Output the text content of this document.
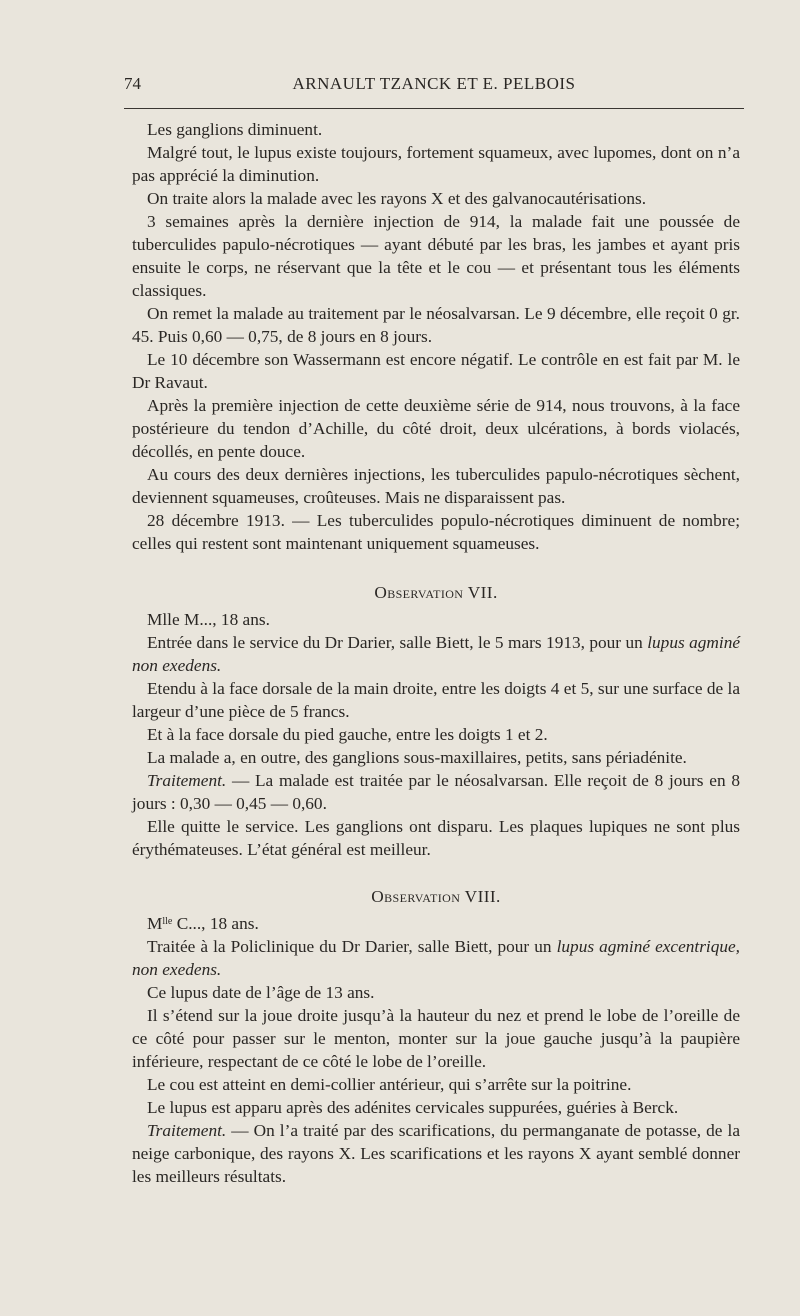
74	ARNAULT TZANCK ET E. PELBOIS

Les ganglions diminuent.

Malgré tout, le lupus existe toujours, fortement squameux, avec lupomes, dont on n’a pas apprécié la diminution.

On traite alors la malade avec les rayons X et des galvanocautérisations.

3 semaines après la dernière injection de 914, la malade fait une poussée de tuberculides papulo-nécrotiques — ayant débuté par les bras, les jambes et ayant pris ensuite le corps, ne réservant que la tête et le cou — et présentant tous les éléments classiques.

On remet la malade au traitement par le néosalvarsan. Le 9 décembre, elle reçoit 0 gr. 45. Puis 0,60 — 0,75, de 8 jours en 8 jours.

Le 10 décembre son Wassermann est encore négatif. Le contrôle en est fait par M. le Dr Ravaut.

Après la première injection de cette deuxième série de 914, nous trouvons, à la face postérieure du tendon d’Achille, du côté droit, deux ulcérations, à bords violacés, décollés, en pente douce.

Au cours des deux dernières injections, les tuberculides papulo-nécrotiques sèchent, deviennent squameuses, croûteuses. Mais ne disparaissent pas.

28 décembre 1913. — Les tuberculides populo-nécrotiques diminuent de nombre; celles qui restent sont maintenant uniquement squameuses.

Observation VII.

Mlle M..., 18 ans.

Entrée dans le service du Dr Darier, salle Biett, le 5 mars 1913, pour un lupus agminé non exedens.

Etendu à la face dorsale de la main droite, entre les doigts 4 et 5, sur une surface de la largeur d’une pièce de 5 francs.

Et à la face dorsale du pied gauche, entre les doigts 1 et 2.

La malade a, en outre, des ganglions sous-maxillaires, petits, sans périadénite.

Traitement. — La malade est traitée par le néosalvarsan. Elle reçoit de 8 jours en 8 jours : 0,30 — 0,45 — 0,60.

Elle quitte le service. Les ganglions ont disparu. Les plaques lupiques ne sont plus érythémateuses. L’état général est meilleur.

Observation VIII.

$M^{lle}$ C..., 18 ans.

Traitée à la Policlinique du Dr Darier, salle Biett, pour un lupus agminé excentrique, non exedens.

Ce lupus date de l’âge de 13 ans.

Il s’étend sur la joue droite jusqu’à la hauteur du nez et prend le lobe de l’oreille de ce côté pour passer sur le menton, monter sur la joue gauche jusqu’à la paupière inférieure, respectant de ce côté le lobe de l’oreille.

Le cou est atteint en demi-collier antérieur, qui s’arrête sur la poitrine.

Le lupus est apparu après des adénites cervicales suppurées, guéries à Berck.

Traitement. — On l’a traité par des scarifications, du permanganate de potasse, de la neige carbonique, des rayons X. Les scarifications et les rayons X ayant semblé donner les meilleurs résultats.
